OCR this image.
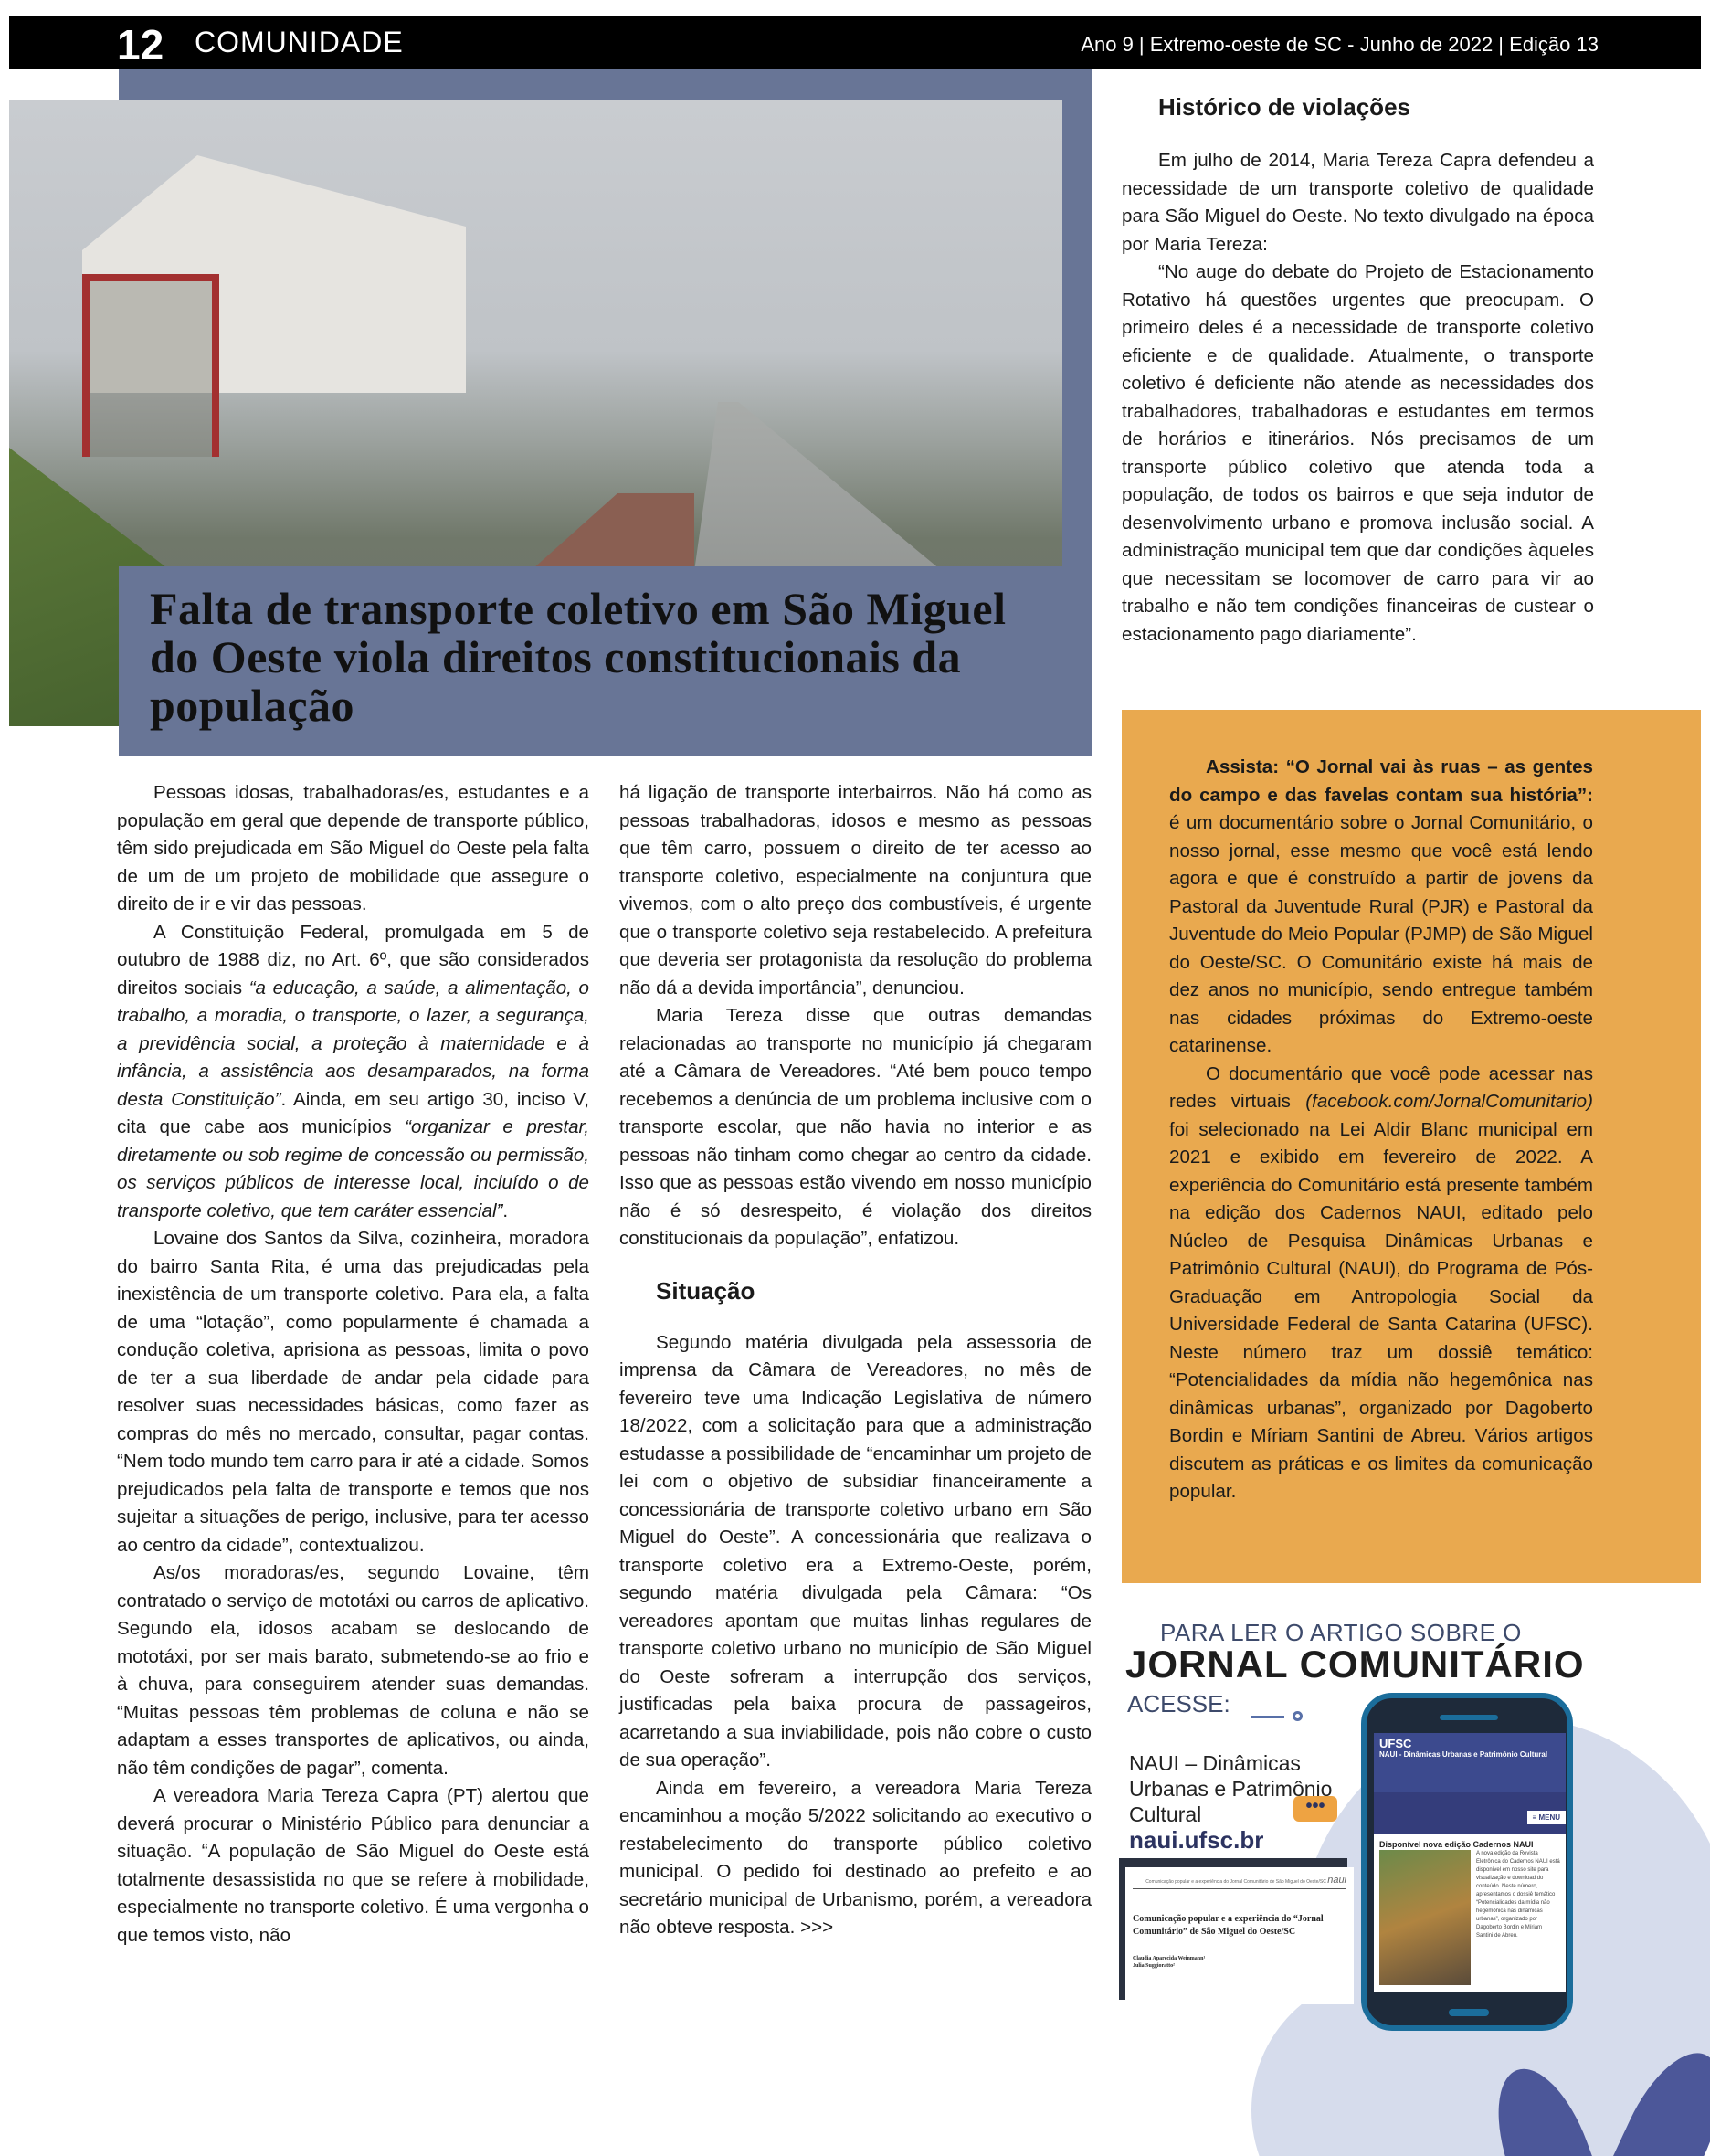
12 COMUNIDADE	Ano 9 | Extremo-oeste de SC - Junho de 2022 | Edição 13
Falta de transporte coletivo em São Miguel do Oeste viola direitos constitucionais da população

Pessoas idosas, trabalhadoras/es, estudantes e a população em geral que depende de transporte público, têm sido prejudicada em São Miguel do Oeste pela falta de um de um projeto de mobilidade que assegure o direito de ir e vir das pessoas.

A Constituição Federal, promulgada em 5 de outubro de 1988 diz, no Art. 6º, que são considerados direitos sociais “a educação, a saúde, a alimentação, o trabalho, a moradia, o transporte, o lazer, a segurança, a previdência social, a proteção à maternidade e à infância, a assistência aos desamparados, na forma desta Constituição”. Ainda, em seu artigo 30, inciso V, cita que cabe aos municípios “organizar e prestar, diretamente ou sob regime de concessão ou permissão, os serviços públicos de interesse local, incluído o de transporte coletivo, que tem caráter essencial”.

Lovaine dos Santos da Silva, cozinheira, moradora do bairro Santa Rita, é uma das prejudicadas pela inexistência de um transporte coletivo. Para ela, a falta de uma “lotação”, como popularmente é chamada a condução coletiva, aprisiona as pessoas, limita o povo de ter a sua liberdade de andar pela cidade para resolver suas necessidades básicas, como fazer as compras do mês no mercado, consultar, pagar contas. “Nem todo mundo tem carro para ir até a cidade. Somos prejudicados pela falta de transporte e temos que nos sujeitar a situações de perigo, inclusive, para ter acesso ao centro da cidade”, contextualizou.

As/os moradoras/es, segundo Lovaine, têm contratado o serviço de mototáxi ou carros de aplicativo. Segundo ela, idosos acabam se deslocando de mototáxi, por ser mais barato, submetendo-se ao frio e à chuva, para conseguirem atender suas demandas. “Muitas pessoas têm problemas de coluna e não se adaptam a esses transportes de aplicativos, ou ainda, não têm condições de pagar”, comenta.

A vereadora Maria Tereza Capra (PT) alertou que deverá procurar o Ministério Público para denunciar a situação. “A população de São Miguel do Oeste está totalmente desassistida no que se refere à mobilidade, especialmente no transporte coletivo. É uma vergonha o que temos visto, não

há ligação de transporte interbairros. Não há como as pessoas trabalhadoras, idosos e mesmo as pessoas que têm carro, possuem o direito de ter acesso ao transporte coletivo, especialmente na conjuntura que vivemos, com o alto preço dos combustíveis, é urgente que o transporte coletivo seja restabelecido. A prefeitura que deveria ser protagonista da resolução do problema não dá a devida importância”, denunciou.

Maria Tereza disse que outras demandas relacionadas ao transporte no município já chegaram até a Câmara de Vereadores. “Até bem pouco tempo recebemos a denúncia de um problema inclusive com o transporte escolar, que não havia no interior e as pessoas não tinham como chegar ao centro da cidade. Isso que as pessoas estão vivendo em nosso município não é só desrespeito, é violação dos direitos constitucionais da população”, enfatizou.

Situação

Segundo matéria divulgada pela assessoria de imprensa da Câmara de Vereadores, no mês de fevereiro teve uma Indicação Legislativa de número 18/2022, com a solicitação para que a administração estudasse a possibilidade de “encaminhar um projeto de lei com o objetivo de subsidiar financeiramente a concessionária de transporte coletivo urbano em São Miguel do Oeste”. A concessionária que realizava o transporte coletivo era a Extremo-Oeste, porém, segundo matéria divulgada pela Câmara: “Os vereadores apontam que muitas linhas regulares de transporte coletivo urbano no município de São Miguel do Oeste sofreram a interrupção dos serviços, justificadas pela baixa procura de passageiros, acarretando a sua inviabilidade, pois não cobre o custo de sua operação”.

Ainda em fevereiro, a vereadora Maria Tereza encaminhou a moção 5/2022 solicitando ao executivo o restabelecimento do transporte público coletivo municipal. O pedido foi destinado ao prefeito e ao secretário municipal de Urbanismo, porém, a vereadora não obteve resposta. >>>

Histórico de violações

Em julho de 2014, Maria Tereza Capra defendeu a necessidade de um transporte coletivo de qualidade para São Miguel do Oeste. No texto divulgado na época por Maria Tereza:

“No auge do debate do Projeto de Estacionamento Rotativo há questões urgentes que preocupam. O primeiro deles é a necessidade de transporte coletivo eficiente e de qualidade. Atualmente, o transporte coletivo é deficiente não atende as necessidades dos trabalhadores, trabalhadoras e estudantes em termos de horários e itinerários. Nós precisamos de um transporte público coletivo que atenda toda a população, de todos os bairros e que seja indutor de desenvolvimento urbano e promova inclusão social. A administração municipal tem que dar condições àqueles que necessitam se locomover de carro para vir ao trabalho e não tem condições financeiras de custear o estacionamento pago diariamente”.

Assista: “O Jornal vai às ruas – as gentes do campo e das favelas contam sua história”: é um documentário sobre o Jornal Comunitário, o nosso jornal, esse mesmo que você está lendo agora e que é construído a partir de jovens da Pastoral da Juventude Rural (PJR) e Pastoral da Juventude do Meio Popular (PJMP) de São Miguel do Oeste/SC. O Comunitário existe há mais de dez anos no município, sendo entregue também nas cidades próximas do Extremo-oeste catarinense.

O documentário que você pode acessar nas redes virtuais (facebook.com/JornalComunitario) foi selecionado na Lei Aldir Blanc municipal em 2021 e exibido em fevereiro de 2022. A experiência do Comunitário está presente também na edição dos Cadernos NAUI, editado pelo Núcleo de Pesquisa Dinâmicas Urbanas e Patrimônio Cultural (NAUI), do Programa de Pós-Graduação em Antropologia Social da Universidade Federal de Santa Catarina (UFSC). Neste número traz um dossiê temático: “Potencialidades da mídia não hegemônica nas dinâmicas urbanas”, organizado por Dagoberto Bordin e Míriam Santini de Abreu. Vários artigos discutem as práticas e os limites da comunicação popular.

PARA LER O ARTIGO SOBRE O
JORNAL COMUNITÁRIO
ACESSE:
•••
UFSC
NAUI - Dinâmicas Urbanas e Patrimônio Cultural
≡ MENU
Disponível nova edição Cadernos NAUI
A nova edição da Revista Eletrônica do Cadernos NAUI está disponível em nosso site para visualização e download do conteúdo. Neste número, apresentamos o dossiê temático “Potencialidades da mídia não hegemônica nas dinâmicas urbanas”, organizado por Dagoberto Bordin e Míriam Santini de Abreu.
Comunicação popular e a experiência do Jornal Comunitário de São Miguel do Oeste/SC naui
Comunicação popular e a experiência do “Jornal Comunitário” de São Miguel do Oeste/SC
Claudia Aparecida Weinmann¹
Julia Suggioratto²
NAUI – Dinâmicas Urbanas e Patrimônio Cultural
naui.ufsc.br
